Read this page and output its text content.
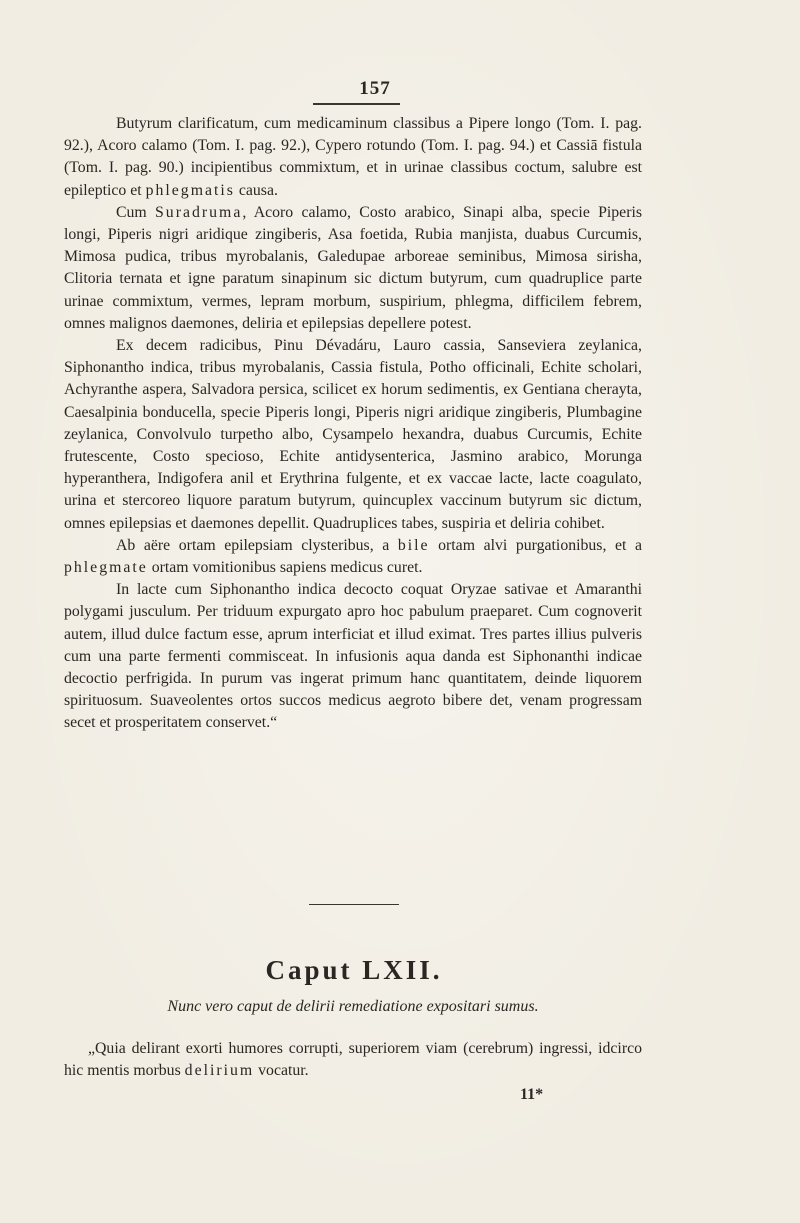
157

Butyrum clarificatum, cum medicaminum classibus a Pipere longo (Tom. I. pag. 92.), Acoro calamo (Tom. I. pag. 92.), Cypero rotundo (Tom. I. pag. 94.) et Cassiā fistula (Tom. I. pag. 90.) incipientibus commixtum, et in urinae classibus coctum, salubre est epileptico et phlegmatis causa.

Cum Suradruma, Acoro calamo, Costo arabico, Sinapi alba, specie Piperis longi, Piperis nigri aridique zingiberis, Asa foetida, Rubia manjista, duabus Curcumis, Mimosa pudica, tribus myrobalanis, Galedupae arboreae seminibus, Mimosa sirisha, Clitoria ternata et igne paratum sinapinum sic dictum butyrum, cum quadruplice parte urinae commixtum, vermes, lepram morbum, suspirium, phlegma, difficilem febrem, omnes malignos daemones, deliria et epilepsias depellere potest.

Ex decem radicibus, Pinu Dévadáru, Lauro cassia, Sanseviera zeylanica, Siphonantho indica, tribus myrobalanis, Cassia fistula, Potho officinali, Echite scholari, Achyranthe aspera, Salvadora persica, scilicet ex horum sedimentis, ex Gentiana cherayta, Caesalpinia bonducella, specie Piperis longi, Piperis nigri aridique zingiberis, Plumbagine zeylanica, Convolvulo turpetho albo, Cysampelo hexandra, duabus Curcumis, Echite frutescente, Costo specioso, Echite antidysenterica, Jasmino arabico, Morunga hyperanthera, Indigofera anil et Erythrina fulgente, et ex vaccae lacte, lacte coagulato, urina et stercoreo liquore paratum butyrum, quincuplex vaccinum butyrum sic dictum, omnes epilepsias et daemones depellit. Quadruplices tabes, suspiria et deliria cohibet.

Ab aëre ortam epilepsiam clysteribus, a bile ortam alvi purgationibus, et a phlegmate ortam vomitionibus sapiens medicus curet.

In lacte cum Siphonantho indica decocto coquat Oryzae sativae et Amaranthi polygami jusculum. Per triduum expurgato apro hoc pabulum praeparet. Cum cognoverit autem, illud dulce factum esse, aprum interficiat et illud eximat. Tres partes illius pulveris cum una parte fermenti commisceat. In infusionis aqua danda est Siphonanthi indicae decoctio perfrigida. In purum vas ingerat primum hanc quantitatem, deinde liquorem spirituosum. Suaveolentes ortos succos medicus aegroto bibere det, venam progressam secet et prosperitatem conservet.“

Caput LXII.
Nunc vero caput de delirii remediatione expositari sumus.

„Quia delirant exorti humores corrupti, superiorem viam (cerebrum) ingressi, idcirco hic mentis morbus delirium vocatur.

11*
